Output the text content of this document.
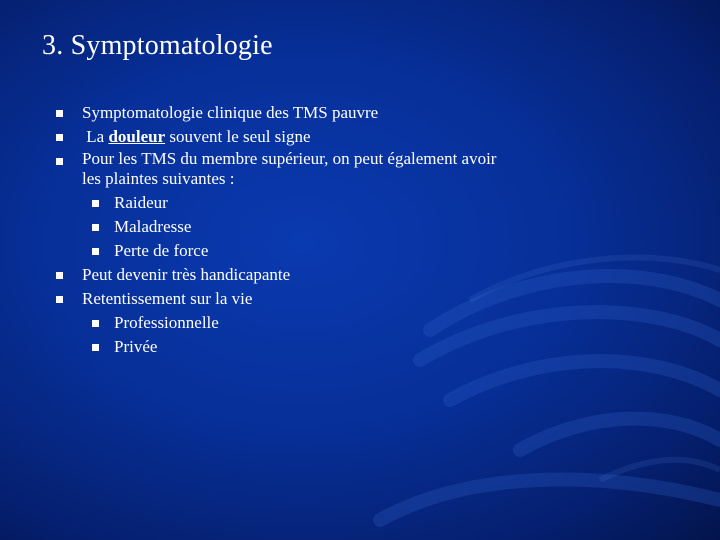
3. Symptomatologie
Symptomatologie clinique des TMS pauvre
La douleur souvent le seul signe
Pour les TMS du membre supérieur, on peut également avoir
les plaintes suivantes :
Raideur
Maladresse
Perte de force
Peut devenir très handicapante
Retentissement sur la vie
Professionnelle
Privée
